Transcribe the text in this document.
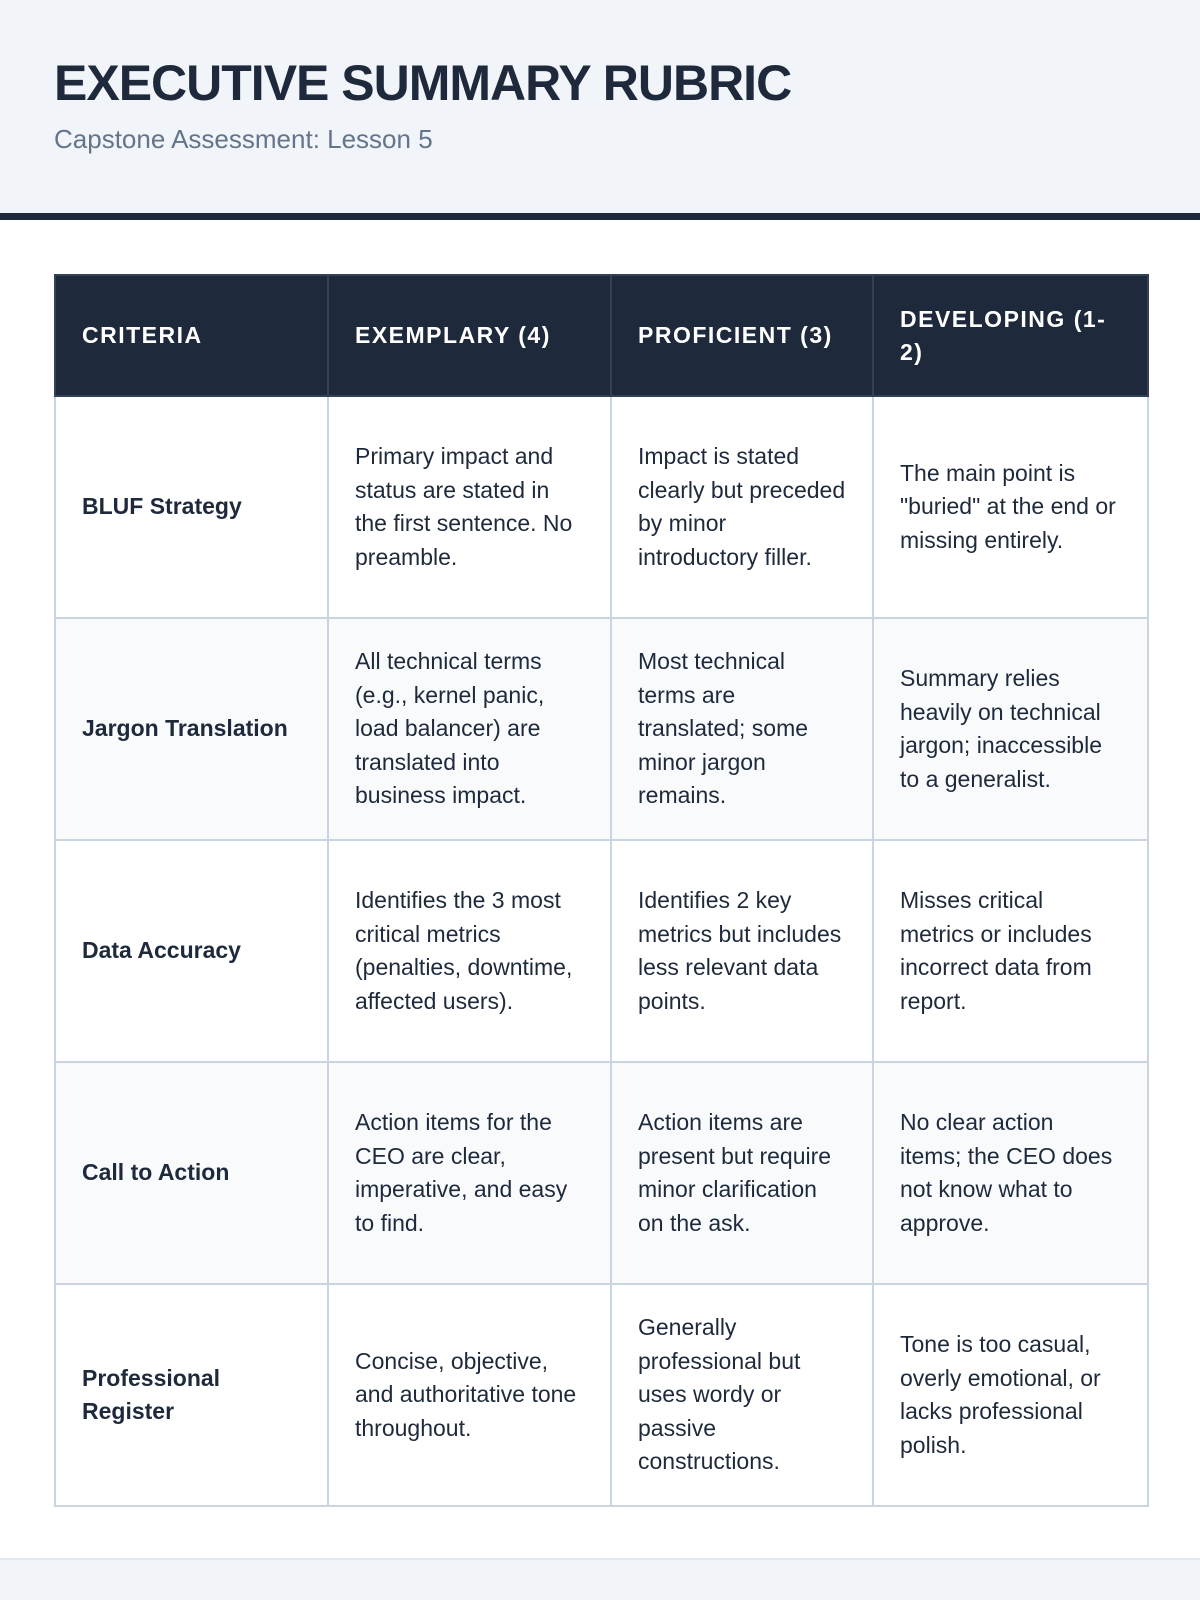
EXECUTIVE SUMMARY RUBRIC
Capstone Assessment: Lesson 5
CRITERIA	EXEMPLARY (4)	PROFICIENT (3)	DEVELOPING (1-2)
BLUF Strategy	Primary impact and status are stated in the first sentence. No preamble.	Impact is stated clearly but preceded by minor introductory filler.	The main point is "buried" at the end or missing entirely.
Jargon Translation	All technical terms (e.g., kernel panic, load balancer) are translated into business impact.	Most technical terms are translated; some minor jargon remains.	Summary relies heavily on technical jargon; inaccessible to a generalist.
Data Accuracy	Identifies the 3 most critical metrics (penalties, downtime, affected users).	Identifies 2 key metrics but includes less relevant data points.	Misses critical metrics or includes incorrect data from report.
Call to Action	Action items for the CEO are clear, imperative, and easy to find.	Action items are present but require minor clarification on the ask.	No clear action items; the CEO does not know what to approve.
Professional Register	Concise, objective, and authoritative tone throughout.	Generally professional but uses wordy or passive constructions.	Tone is too casual, overly emotional, or lacks professional polish.
